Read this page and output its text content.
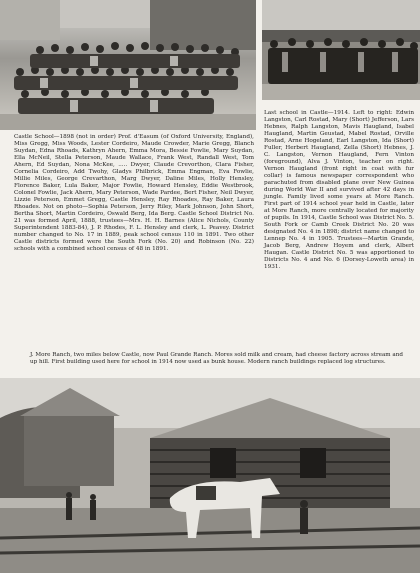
Castle School—1898 (not in order) Prof. d'Easum (of Oxford University, England), Miss Gregg, Miss Woods, Lester Cordeiro, Maude Crowder, Marie Gregg, Blanch Suydan, Edna Rhoads, Kathryn Ahern, Emma Mora, Bessie Fowlie, Mary Suydan, Ella McNeil, Stella Peterson, Maude Wallace, Frank West, Randall West, Tom Ahern, Ed Suydan, Nona McKee, ..... Dwyer, Claude Crevorthon, Clara Fisher, Cornelia Cordeiro, Add Twohy, Gladys Philbrick, Emma Engman, Eva Fowlie, Millie Miles, George Crevarthon, Marg Dwyer, Daline Miles, Holly Hensley, Florence Baker, Lula Baker, Major Fowlie, Howard Hensley, Eddie Westbrook, Colonel Fowlie, Jack Ahern, Mary Peterson, Wade Pardee, Bert Fisher, Neil Dwyer, Lizzie Peterson, Emmet Gregg, Castle Hensley, Ray Rhoades, Ray Baker, Laura Rhoades. Not on photo—Sophia Peterson, Jerry Riley, Mark Johnson, John Short, Bertha Short, Martin Cordeiro, Oswald Berg, Ida Berg. Castle School District No. 21 was formed April, 1888, trustees—Mrs. H. H. Barnes (Alice Nichols, County Superintendent 1883-84), J. P. Rhodes, F. L. Hensley and clerk, L. Peavey. District number changed to No. 17 in 1889, peak school census 110 in 1891. Two other Castle districts formed were the South Fork (No. 20) and Robinson (No. 22) schools with a combined school census of 48 in 1891.

Last school in Castle—1914. Left to right: Edwin Langston, Carl Rostad, Mary (Short) Jefferson, Lars Hebnes, Ralph Langston, Mavis Haugland, Isabel Haugland, Martin Geustad, Mabel Rostad, Orville Rostad, Arne Hogeland, Earl Langston, Ida (Short) Fuller, Herbert Haugland, Zella (Short) Hebnes, J. C. Langston, Vernon Haugland, Fern Vinton (foreground), Alva J. Vinton, teacher on right. Vernon Haugland (front right in coat with fur collar) is famous newspaper correspondent who parachuted from disabled plane over New Guinea during World War II and survived after 42 days in jungle. Family lived some years at More Ranch. First part of 1914 school year held in Castle, later at More Ranch, more centrally located for majority of pupils. In 1914, Castle School was District No. 5. South Fork or Camb Creek District No. 20 was designated No. 4 in 1898; district name changed to Lennep No. 4 in 1905. Trustees—Martin Grande, Jacob Berg, Andrew Hoyem and clerk, Albert Haugan. Castle District No. 5 was apportioned to Districts No. 4 and No. 6 (Dorsey-Loweth area) in 1931.

J. More Ranch, two miles below Castle, now Paul Grande Ranch. Mores sold milk and cream, had cheese factory across stream and up hill. First building used here for school in 1914 now used as bunk house. Modern ranch buildings replaced log structures.
